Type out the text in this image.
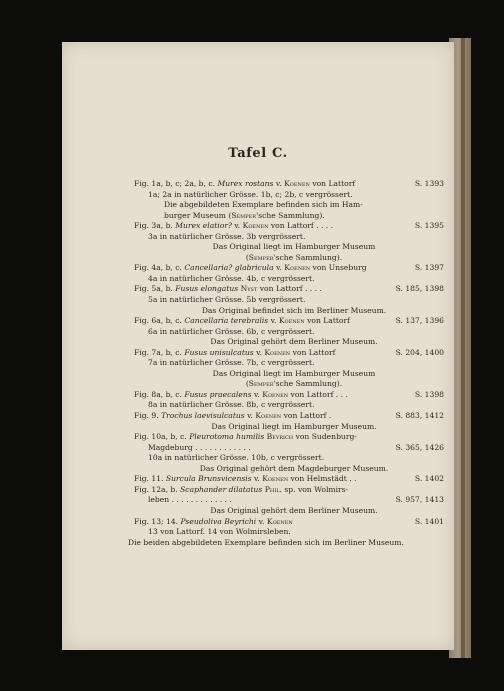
Tafel C.
Fig. 1a, b, c; 2a, b, c. Murex rostans v. Koenen von Lattorf	S. 1393
1a; 2a in natürlicher Grösse. 1b, c; 2b, c vergrössert.
Die abgebildeten Exemplare befinden sich im Ham-
burger Museum (Semper'sche Sammlung).
Fig. 3a, b. Murex elatior? v. Koenen von Lattorf . . . .	S. 1395
3a in natürlicher Grösse. 3b vergrössert.
Das Original liegt im Hamburger Museum
(Semper'sche Sammlung).
Fig. 4a, b, c. Cancellaria? glabricula v. Koenen von Unseburg	S. 1397
4a in natürlicher Grösse. 4b, c vergrössert.
Fig. 5a, b. Fusus elongatus Nyst von Lattorf . . . .	S. 185, 1398
5a in natürlicher Grösse. 5b vergrössert.
Das Original befindet sich im Berliner Museum.
Fig. 6a, b, c. Cancellaria terebralis v. Koenen von Lattorf	S. 137, 1396
6a in natürlicher Grösse. 6b, c vergrössert.
Das Original gehört dem Berliner Museum.
Fig. 7a, b, c. Fusus unisulcatus v. Koenen von Lattorf	S. 204, 1400
7a in natürlicher Grösse. 7b, c vergrössert.
Das Original liegt im Hamburger Museum
(Semper'sche Sammlung).
Fig. 8a, b, c. Fusus praecalens v. Koenen von Lattorf . . .	S. 1398
8a in natürlicher Grösse. 8b, c vergrössert.
Fig. 9. Trochus laevisulcatus v. Koenen von Lattorf .	S. 883, 1412
Das Original liegt im Hamburger Museum.
Fig. 10a, b, c. Pleurotoma humilis Beyrich von Sudenburg-
Magdeburg . . . . . . . . . . . .	S. 365, 1426
10a in natürlicher Grösse. 10b, c vergrössert.
Das Original gehört dem Magdeburger Museum.
Fig. 11. Surcula Brunsvicensis v. Koenen von Helmstädt . .	S. 1402
Fig. 12a, b. Scaphander dilatatus Phil. sp. von Wolmirs-
leben . . . . . . . . . . . . .	S. 957, 1413
Das Original gehört dem Berliner Museum.
Fig. 13; 14. Pseudoliva Beyrichi v. Koenen	S. 1401
13 von Lattorf. 14 von Wolmirsleben.
Die beiden abgebildeten Exemplare befinden sich im Berliner Museum.
